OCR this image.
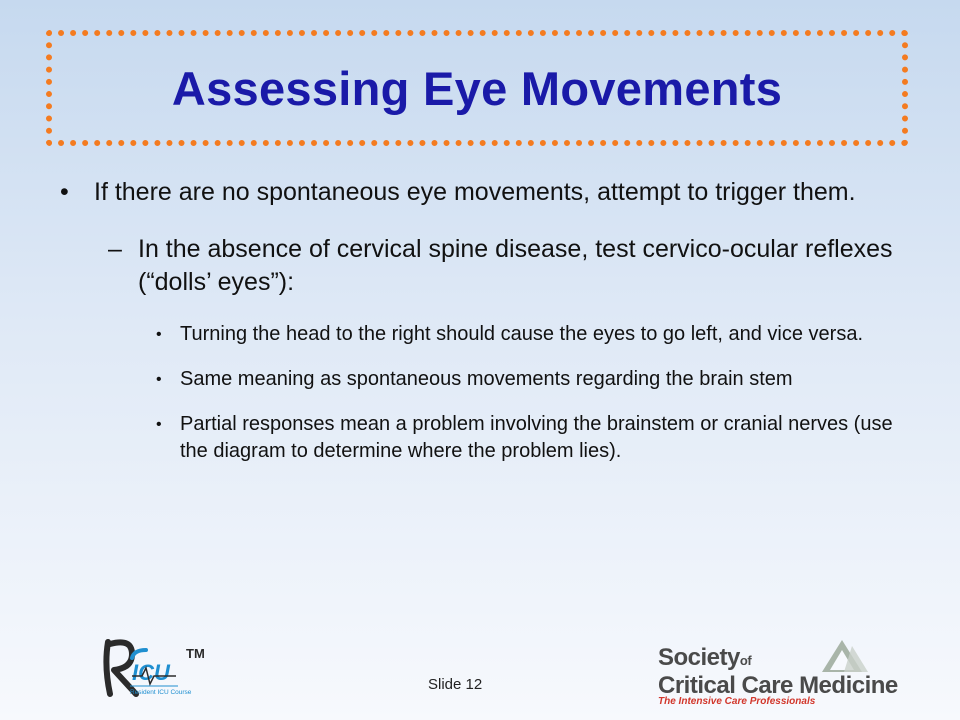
Assessing Eye Movements
•	If there are no spontaneous eye movements, attempt to trigger them.
– In the absence of cervical spine disease, test cervico-ocular reflexes (“dolls’ eyes”):
• Turning the head to the right should cause the eyes to go left, and vice versa.
• Same meaning as spontaneous movements regarding the brain stem
• Partial responses mean a problem involving the brainstem or cranial nerves (use the diagram to determine where the problem lies).
ICU
TM
Resident ICU Course	Slide 12
Societyof
Critical Care Medicine
The Intensive Care Professionals
